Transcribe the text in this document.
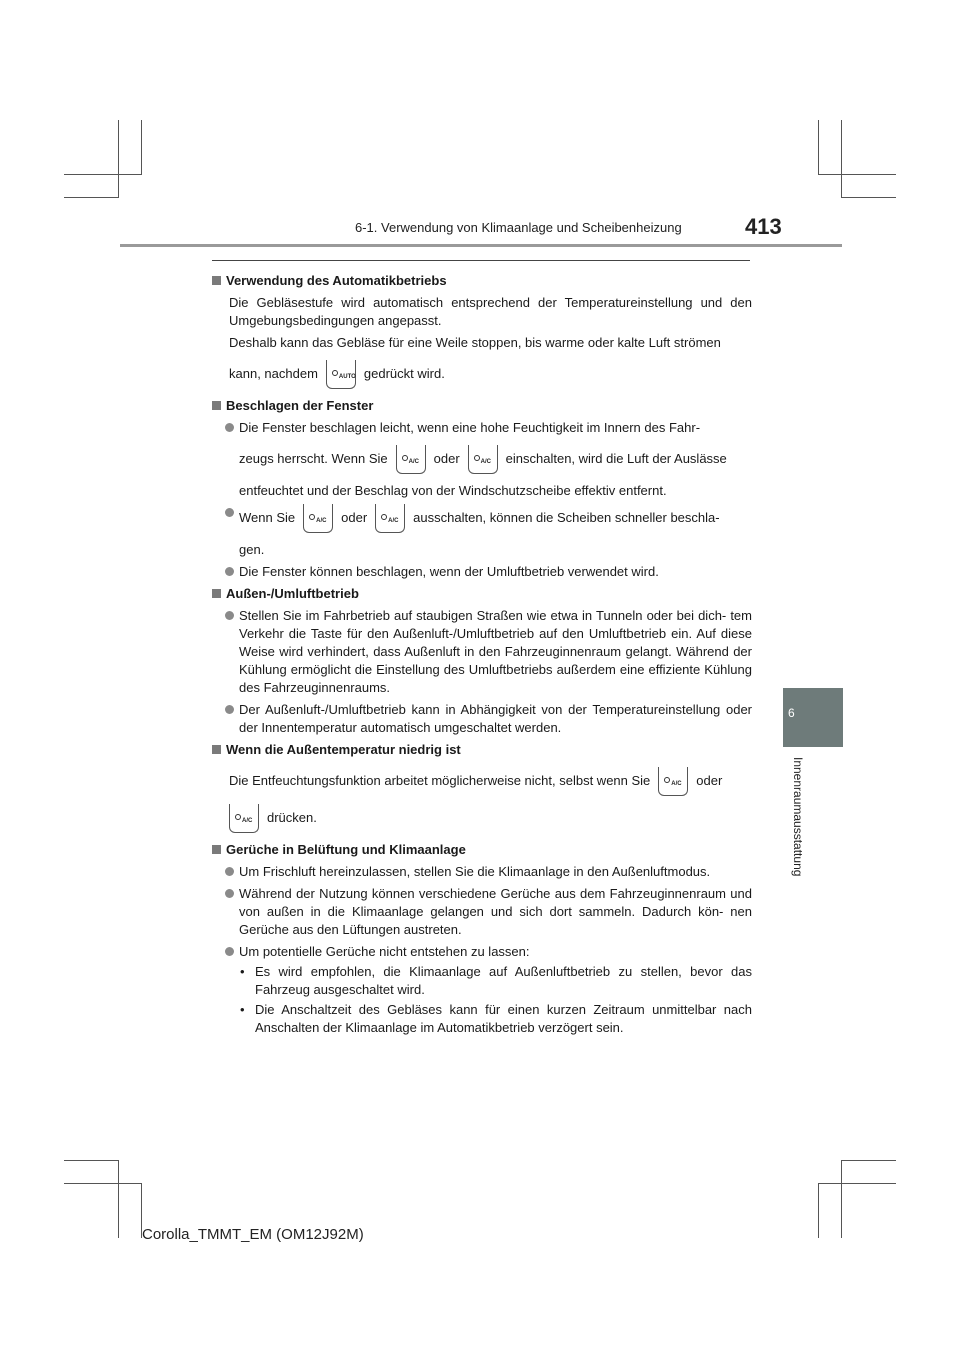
6-1. Verwendung von Klimaanlage und Scheibenheizung	413
6
Innenraumausstattung
Verwendung des Automatikbetriebs
Die Gebläsestufe wird automatisch entsprechend der Temperatureinstellung und den Umgebungsbedingungen angepasst.
Deshalb kann das Gebläse für eine Weile stoppen, bis warme oder kalte Luft strömen
kann, nachdem	AUTO gedrückt wird.
Beschlagen der Fenster
Die Fenster beschlagen leicht, wenn eine hohe Feuchtigkeit im Innern des Fahr-
zeugs herrscht. Wenn Sie	A/C oder	A/C einschalten, wird die Luft der Auslässe
entfeuchtet und der Beschlag von der Windschutzscheibe effektiv entfernt.
Wenn Sie	A/C oder	A/C ausschalten, können die Scheiben schneller beschla-
gen.
Die Fenster können beschlagen, wenn der Umluftbetrieb verwendet wird.
Außen-/Umluftbetrieb
Stellen Sie im Fahrbetrieb auf staubigen Straßen wie etwa in Tunneln oder bei dich- tem Verkehr die Taste für den Außenluft-/Umluftbetrieb auf den Umluftbetrieb ein. Auf diese Weise wird verhindert, dass Außenluft in den Fahrzeuginnenraum gelangt. Während der Kühlung ermöglicht die Einstellung des Umluftbetriebs außerdem eine effiziente Kühlung des Fahrzeuginnenraums.
Der Außenluft-/Umluftbetrieb kann in Abhängigkeit von der Temperatureinstellung oder der Innentemperatur automatisch umgeschaltet werden.
Wenn die Außentemperatur niedrig ist
Die Entfeuchtungsfunktion arbeitet möglicherweise nicht, selbst wenn Sie	A/C oder
A/C drücken.
Gerüche in Belüftung und Klimaanlage
Um Frischluft hereinzulassen, stellen Sie die Klimaanlage in den Außenluftmodus.
Während der Nutzung können verschiedene Gerüche aus dem Fahrzeuginnenraum und von außen in die Klimaanlage gelangen und sich dort sammeln. Dadurch kön- nen Gerüche aus den Lüftungen austreten.
Um potentielle Gerüche nicht entstehen zu lassen:
• Es wird empfohlen, die Klimaanlage auf Außenluftbetrieb zu stellen, bevor das Fahrzeug ausgeschaltet wird.
• Die Anschaltzeit des Gebläses kann für einen kurzen Zeitraum unmittelbar nach Anschalten der Klimaanlage im Automatikbetrieb verzögert sein.
Corolla_TMMT_EM (OM12J92M)
